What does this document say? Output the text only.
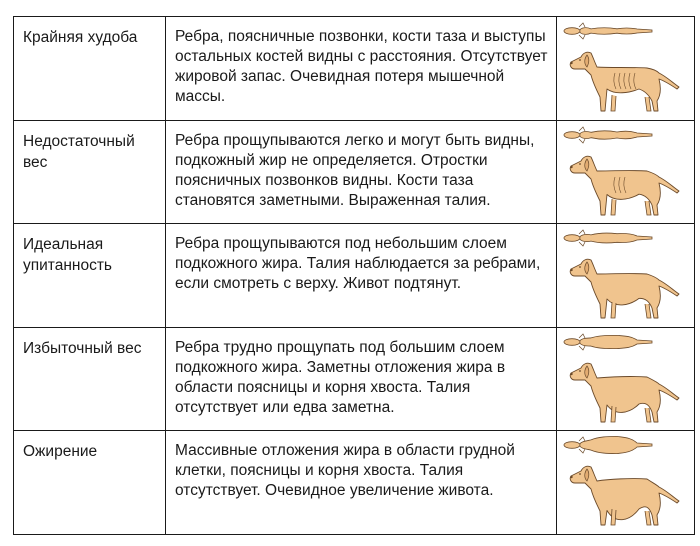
Крайняя худоба	Ребра, поясничные позвонки, кости таза и выступы остальных костей видны с расстояния. Отсутствует жировой запас. Очевидная потеря мышечной массы.	

Недостаточный вес	Ребра прощупываются легко и могут быть видны, подкожный жир не определяется. Отростки поясничных позвонков видны. Кости таза становятся заметными. Выраженная талия.	

Идеальная упитанность	Ребра прощупываются под небольшим слоем подкожного жира. Талия наблюдается за ребрами, если смотреть с верху. Живот подтянут.	

Избыточный вес	Ребра трудно прощупать под большим слоем подкожного жира. Заметны отложения жира в области поясницы и корня хвоста. Талия отсутствует или едва заметна.	

Ожирение	Массивные отложения жира в области грудной клетки, поясницы и корня хвоста. Талия отсутствует. Очевидное увеличение живота.	
